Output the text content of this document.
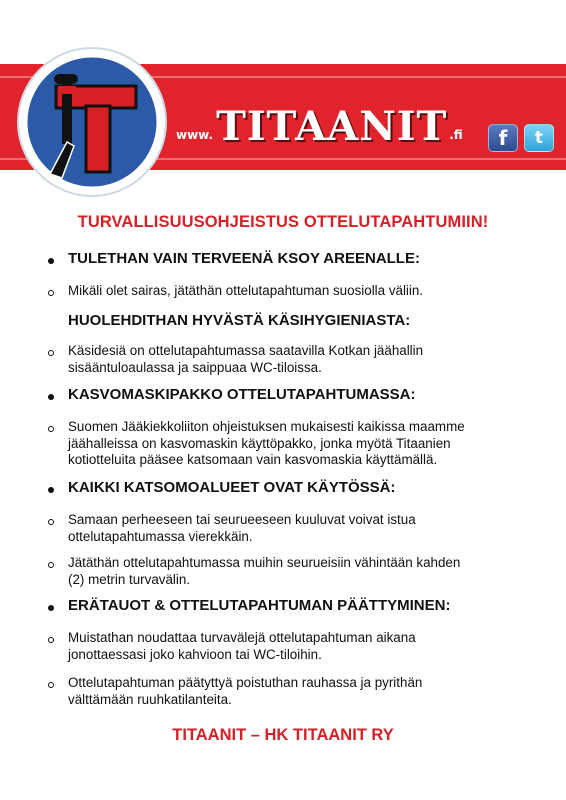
www. TITAANIT .fi	f	t
TURVALLISUUSOHJEISTUS OTTELUTAPAHTUMIIN!
TULETHAN VAIN TERVEENÄ KSOY AREENALLE:
Mikäli olet sairas, jätäthän ottelutapahtuman suosiolla väliin.
HUOLEHDITHAN HYVÄSTÄ KÄSIHYGIENIASTA:
Käsidesiä on ottelutapahtumassa saatavilla Kotkan jäähallin
sisääntuloaulassa ja saippuaa WC-tiloissa.
KASVOMASKIPAKKO OTTELUTAPAHTUMASSA:
Suomen Jääkiekkoliiton ohjeistuksen mukaisesti kaikissa maamme
jäähalleissa on kasvomaskin käyttöpakko, jonka myötä Titaanien
kotiotteluita pääsee katsomaan vain kasvomaskia käyttämällä.
KAIKKI KATSOMOALUEET OVAT KÄYTÖSSÄ:
Samaan perheeseen tai seurueeseen kuuluvat voivat istua
ottelutapahtumassa vierekkäin.
Jätäthän ottelutapahtumassa muihin seurueisiin vähintään kahden
(2) metrin turvavälin.
ERÄTAUOT & OTTELUTAPAHTUMAN PÄÄTTYMINEN:
Muistathan noudattaa turvavälejä ottelutapahtuman aikana
jonottaessasi joko kahvioon tai WC-tiloihin.
Ottelutapahtuman päätyttyä poistuthan rauhassa ja pyrithän
välttämään ruuhkatilanteita.
TITAANIT – HK TITAANIT RY
